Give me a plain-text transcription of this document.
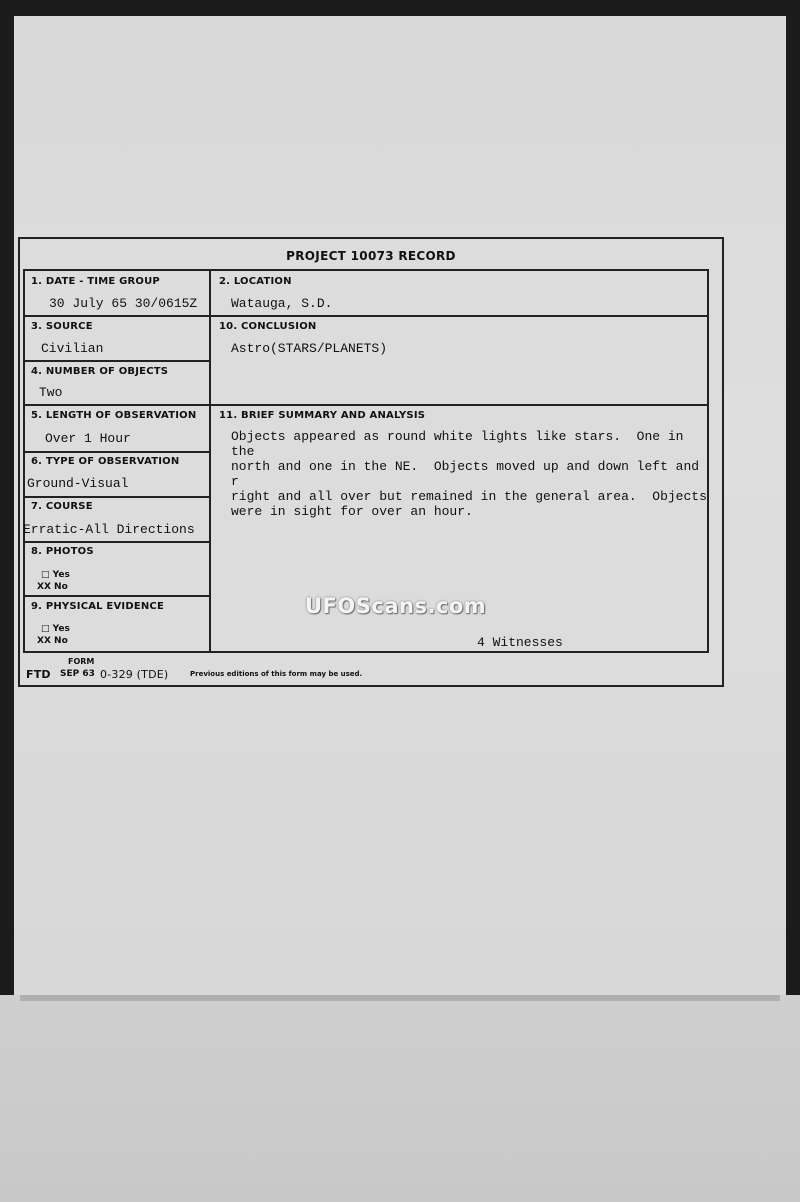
PROJECT 10073 RECORD
1. DATE - TIME GROUP
30 July 65 30/0615Z
2. LOCATION
Watauga, S.D.
3. SOURCE
Civilian
10. CONCLUSION
Astro(STARS/PLANETS)
4. NUMBER OF OBJECTS
Two
5. LENGTH OF OBSERVATION
Over 1 Hour
11. BRIEF SUMMARY AND ANALYSIS
Objects appeared as round white lights like stars.  One in the
north and one in the NE.  Objects moved up and down left and r
right and all over but remained in the general area.  Objects
were in sight for over an hour.
4 Witnesses
6. TYPE OF OBSERVATION
Ground-Visual
7. COURSE
Erratic-All Directions
8. PHOTOS
□ Yes
XX No
9. PHYSICAL EVIDENCE
□ Yes
XX No
FORM
FTD SEP 63 0-329 (TDE)	Previous editions of this form may be used.
UFOScans.com
